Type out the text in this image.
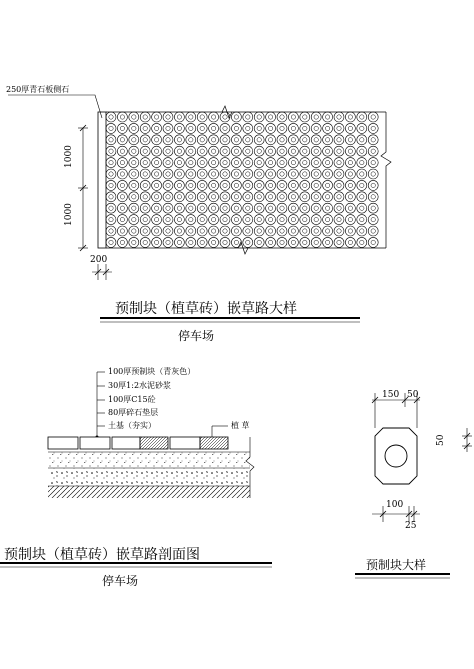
250厚青石板侧石
1000
1000
200
预制块（植草砖）嵌草路大样
停车场
100厚预制块（青灰色）
30厚1:2水泥砂浆
100厚C15砼
80厚碎石垫层
土基（夯实）	植 草
预制块（植草砖）嵌草路剖面图
停车场
150 50
50
100
25
预制块大样
